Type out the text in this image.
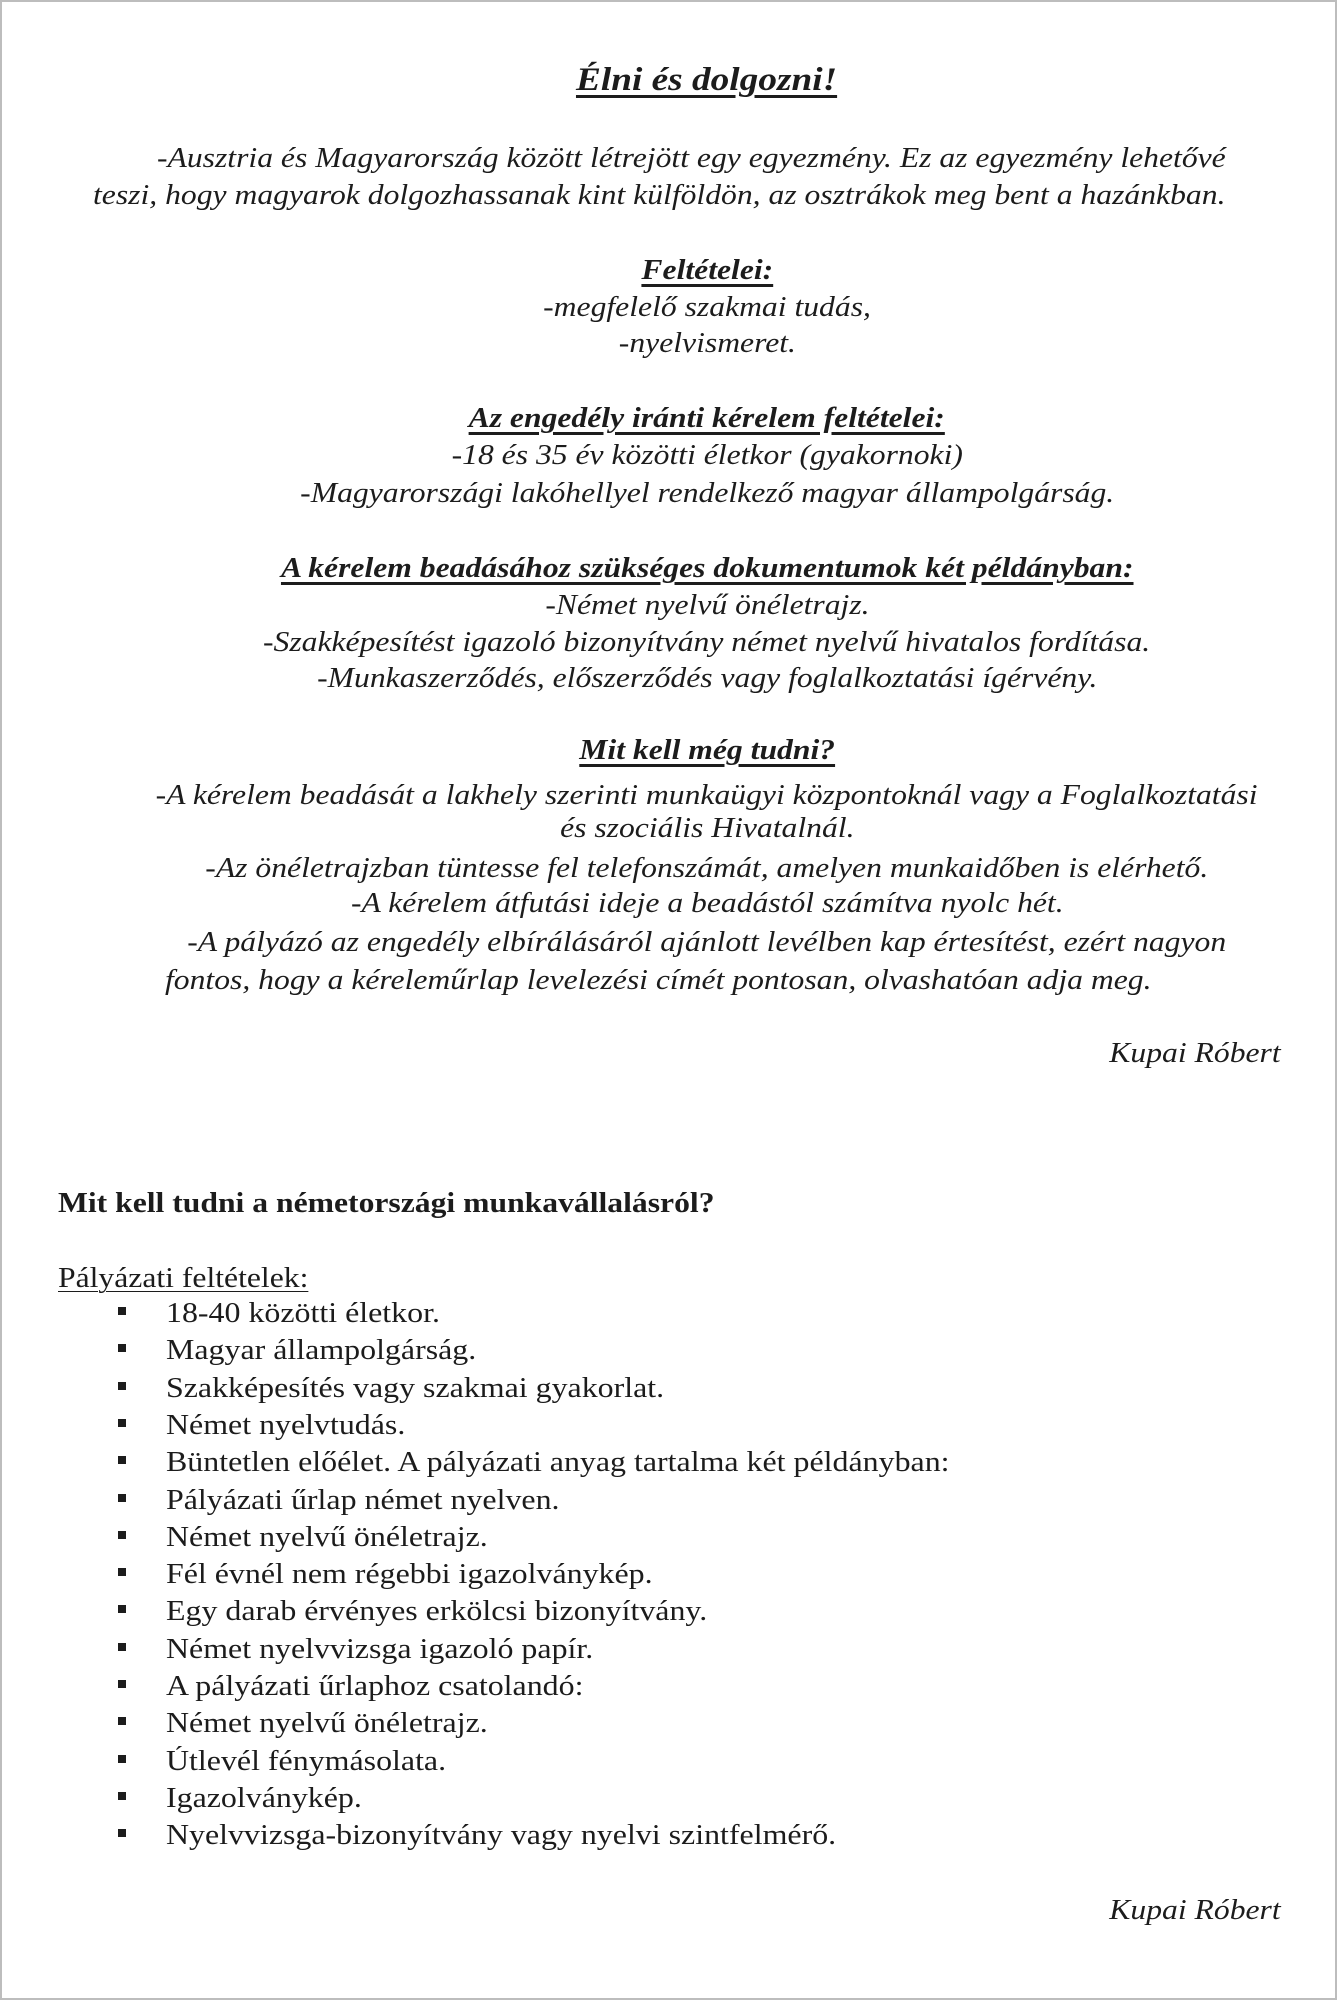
Élni és dolgozni!
-Ausztria és Magyarország között létrejött egy egyezmény. Ez az egyezmény lehetővé
teszi, hogy magyarok dolgozhassanak kint külföldön, az osztrákok meg bent a hazánkban.
Feltételei:
-megfelelő szakmai tudás,
-nyelvismeret.
Az engedély iránti kérelem feltételei:
-18 és 35 év közötti életkor (gyakornoki)
-Magyarországi lakóhellyel rendelkező magyar állampolgárság.
A kérelem beadásához szükséges dokumentumok két példányban:
-Német nyelvű önéletrajz.
-Szakképesítést igazoló bizonyítvány német nyelvű hivatalos fordítása.
-Munkaszerződés, előszerződés vagy foglalkoztatási ígérvény.
Mit kell még tudni?
-A kérelem beadását a lakhely szerinti munkaügyi központoknál vagy a Foglalkoztatási
és szociális Hivatalnál.
-Az önéletrajzban tüntesse fel telefonszámát, amelyen munkaidőben is elérhető.
-A kérelem átfutási ideje a beadástól számítva nyolc hét.
-A pályázó az engedély elbírálásáról ajánlott levélben kap értesítést, ezért nagyon
fontos, hogy a kéreleműrlap levelezési címét pontosan, olvashatóan adja meg.
Kupai Róbert
Mit kell tudni a németországi munkavállalásról?
Pályázati feltételek:
18-40 közötti életkor.
Magyar állampolgárság.
Szakképesítés vagy szakmai gyakorlat.
Német nyelvtudás.
Büntetlen előélet. A pályázati anyag tartalma két példányban:
Pályázati űrlap német nyelven.
Német nyelvű önéletrajz.
Fél évnél nem régebbi igazolványkép.
Egy darab érvényes erkölcsi bizonyítvány.
Német nyelvvizsga igazoló papír.
A pályázati űrlaphoz csatolandó:
Német nyelvű önéletrajz.
Útlevél fénymásolata.
Igazolványkép.
Nyelvvizsga-bizonyítvány vagy nyelvi szintfelmérő.
Kupai Róbert
